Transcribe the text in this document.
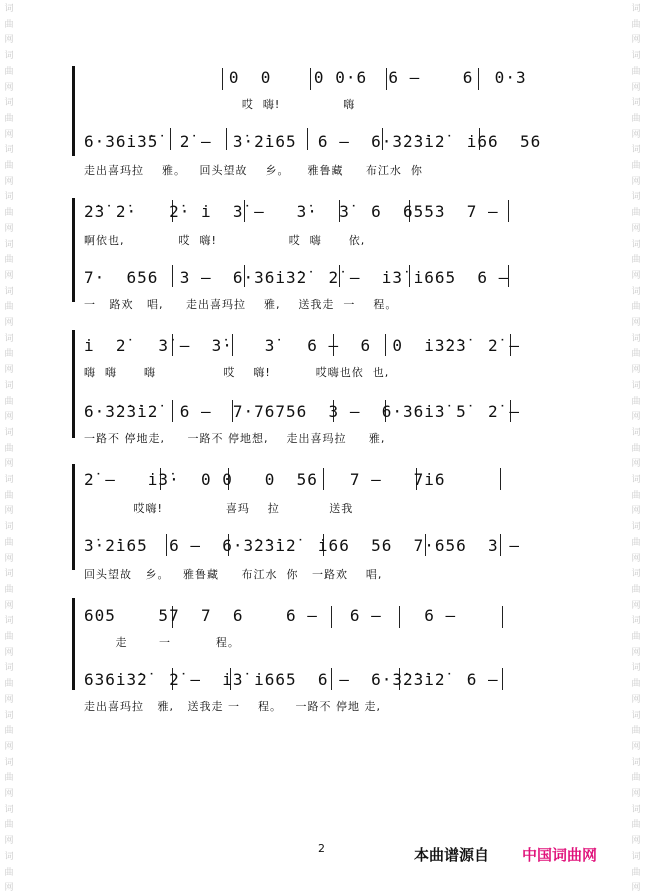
词
曲
网
词
曲
网
词
曲
网
词
曲
网
词
曲
网
词
曲
网
词
曲
网
词
曲
网
词
曲
网
词
曲
网
词
曲
网
词
曲
网
词
曲
网
词
曲
网
词
曲
网
词
曲
网
词
曲
网
词
曲
网
词
曲
网
词
曲
网
词
曲
网
词
曲
网
词
曲
网
词
曲
网
词
曲
网
词
曲
网
词
曲
网
词
曲
网
词
曲
网
词
曲
网
词
曲
网
词
曲
网
词
曲
网
词
曲
网
词
曲
网
词
曲
网
词
曲
网
词
曲
网
0  0    0 0·6  6 —    6  0·3
哎  嗨!              嗨
6·36i3̇5̇  2̇ —  3̇·2̇i65  6 —  6·3̇2̇3̇i2̇  i66  56
走出喜玛拉    雅。   回头望故    乡。    雅鲁藏     布江水  你
2̇3̇ 2̇·   2̇· i  3̇ —   3̇·  3̇  6  6553  7 —
啊依也,            哎  嗨!                哎  嗨      依,
7·  656  3 —  6·36i3̇2̇  2̇ —  i3̇ i665  6 —
一   路欢   唱,     走出喜玛拉    雅,    送我走  一    程。
i  2̇   3̇ —  3̇·   3̇   6 —  6  0  i3̇2̇3̇  2̇ —
嗨  嗨      嗨               哎    嗨!          哎嗨也依  也,
6·3̇2̇3̇i2̇  6 —  7·76756  3 —  6·36i3̇ 5̇  2̇ —
一路不 停地走,     一路不 停地想,    走出喜玛拉     雅,
2̇ —   i3̇·  0 0   0  56   7 —   7i6
哎嗨!              喜玛    拉           送我
3̇·2̇i65  6 —  6·3̇2̇3̇i2̇  i66  56  7·656  3 —
回头望故   乡。   雅鲁藏     布江水  你   一路欢    唱,
605    57  7  6    6 —   6 —    6 —
走       一          程。
636i3̇2̇  2̇ —  i3̇ i665  6 —  6·3̇2̇3̇i2̇  6 —
走出喜玛拉   雅,   送我走 一    程。   一路不 停地 走,
2	本曲谱源自 中国词曲网
